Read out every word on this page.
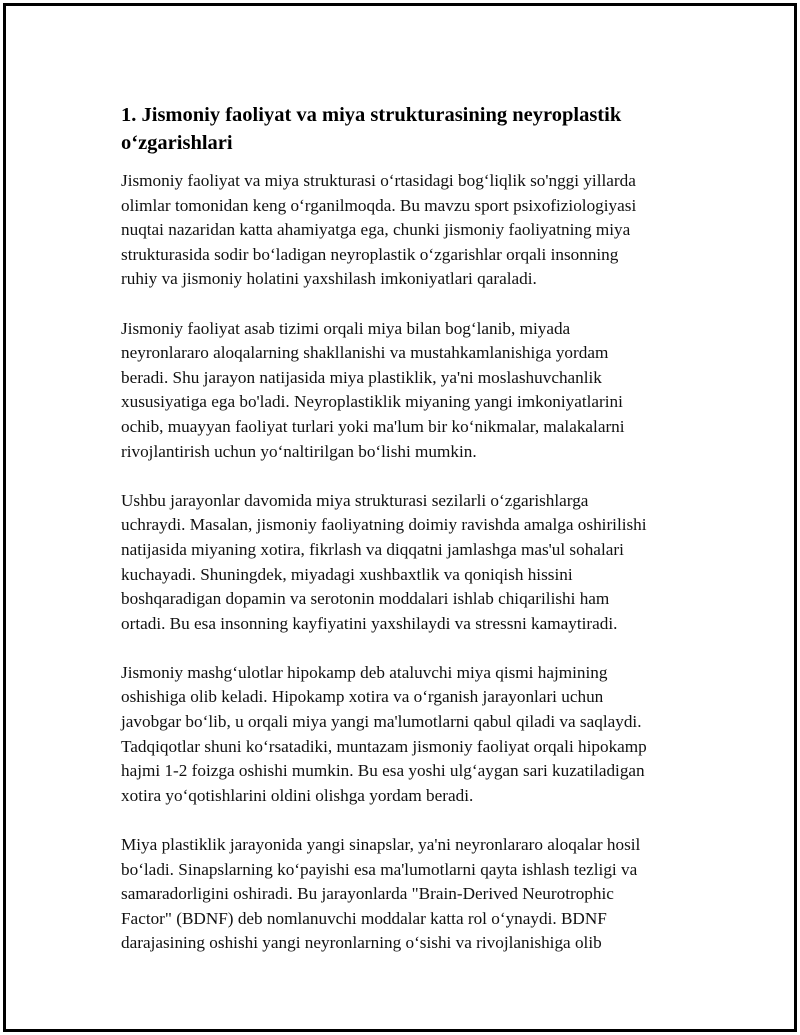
1. Jismoniy faoliyat va miya strukturasining neyroplastik
o‘zgarishlari

Jismoniy faoliyat va miya strukturasi o‘rtasidagi bog‘liqlik so'nggi yillarda
olimlar tomonidan keng o‘rganilmoqda. Bu mavzu sport psixofiziologiyasi
nuqtai nazaridan katta ahamiyatga ega, chunki jismoniy faoliyatning miya
strukturasida sodir bo‘ladigan neyroplastik o‘zgarishlar orqali insonning
ruhiy va jismoniy holatini yaxshilash imkoniyatlari qaraladi.

Jismoniy faoliyat asab tizimi orqali miya bilan bog‘lanib, miyada
neyronlararo aloqalarning shakllanishi va mustahkamlanishiga yordam
beradi. Shu jarayon natijasida miya plastiklik, ya'ni moslashuvchanlik
xususiyatiga ega bo'ladi. Neyroplastiklik miyaning yangi imkoniyatlarini
ochib, muayyan faoliyat turlari yoki ma'lum bir ko‘nikmalar, malakalarni
rivojlantirish uchun yo‘naltirilgan bo‘lishi mumkin.

Ushbu jarayonlar davomida miya strukturasi sezilarli o‘zgarishlarga
uchraydi. Masalan, jismoniy faoliyatning doimiy ravishda amalga oshirilishi
natijasida miyaning xotira, fikrlash va diqqatni jamlashga mas'ul sohalari
kuchayadi. Shuningdek, miyadagi xushbaxtlik va qoniqish hissini
boshqaradigan dopamin va serotonin moddalari ishlab chiqarilishi ham
ortadi. Bu esa insonning kayfiyatini yaxshilaydi va stressni kamaytiradi.

Jismoniy mashg‘ulotlar hipokamp deb ataluvchi miya qismi hajmining
oshishiga olib keladi. Hipokamp xotira va o‘rganish jarayonlari uchun
javobgar bo‘lib, u orqali miya yangi ma'lumotlarni qabul qiladi va saqlaydi.
Tadqiqotlar shuni ko‘rsatadiki, muntazam jismoniy faoliyat orqali hipokamp
hajmi 1-2 foizga oshishi mumkin. Bu esa yoshi ulg‘aygan sari kuzatiladigan
xotira yo‘qotishlarini oldini olishga yordam beradi.

Miya plastiklik jarayonida yangi sinapslar, ya'ni neyronlararo aloqalar hosil
bo‘ladi. Sinapslarning ko‘payishi esa ma'lumotlarni qayta ishlash tezligi va
samaradorligini oshiradi. Bu jarayonlarda "Brain-Derived Neurotrophic
Factor" (BDNF) deb nomlanuvchi moddalar katta rol o‘ynaydi. BDNF
darajasining oshishi yangi neyronlarning o‘sishi va rivojlanishiga olib
